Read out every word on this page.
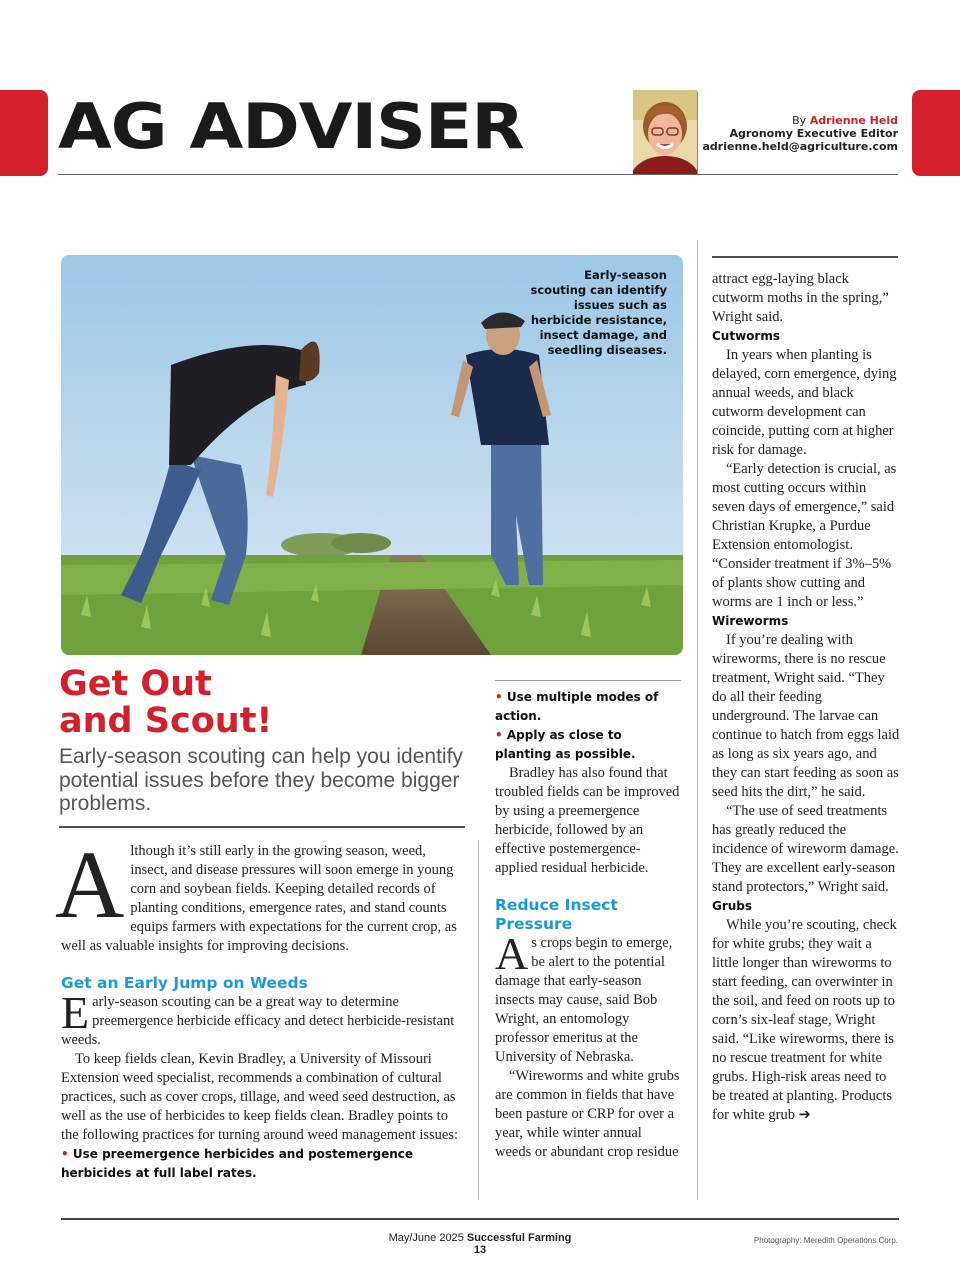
AG ADVISER	By Adrienne Held
Agronomy Executive Editor
adrienne.held@agriculture.com
Early-season scouting can identify issues such as herbicide resistance, insect damage, and seedling diseases.
Get Out
and Scout!
Early-season scouting can help you identify potential issues before they become bigger problems.

Although it’s still early in the growing season, weed, insect, and disease pressures will soon emerge in young corn and soybean fields. Keeping detailed records of planting conditions, emergence rates, and stand counts equips farmers with expectations for the current crop, as well as valuable insights for improving decisions.

Get an Early Jump on Weeds

Early-season scouting can be a great way to determine preemergence herbicide efficacy and detect herbicide-resistant weeds.

To keep fields clean, Kevin Bradley, a University of Missouri Extension weed specialist, recommends a combination of cultural practices, such as cover crops, tillage, and weed seed destruction, as well as the use of herbicides to keep fields clean. Bradley points to the following practices for turning around weed management issues:

• Use preemergence herbicides and postemergence herbicides at full label rates.
• Use multiple modes of action.
• Apply as close to planting as possible.

Bradley has also found that troubled fields can be improved by using a preemergence herbicide, followed by an effective postemergence-applied residual herbicide.

Reduce Insect Pressure

As crops begin to emerge, be alert to the potential damage that early-season insects may cause, said Bob Wright, an entomology professor emeritus at the University of Nebraska.

“Wireworms and white grubs are common in fields that have been pasture or CRP for over a year, while winter annual weeds or abundant crop residue

attract egg-laying black cutworm moths in the spring,” Wright said.

Cutworms

In years when planting is delayed, corn emergence, dying annual weeds, and black cutworm development can coincide, putting corn at higher risk for damage.

“Early detection is crucial, as most cutting occurs within seven days of emergence,” said Christian Krupke, a Purdue Extension entomologist. “Consider treatment if 3%–5% of plants show cutting and worms are 1 inch or less.”

Wireworms

If you’re dealing with wireworms, there is no rescue treatment, Wright said. “They do all their feeding underground. The larvae can continue to hatch from eggs laid as long as six years ago, and they can start feeding as soon as seed hits the dirt,” he said.

“The use of seed treatments has greatly reduced the incidence of wireworm damage. They are excellent early-season stand protectors,” Wright said.

Grubs

While you’re scouting, check for white grubs; they wait a little longer than wireworms to start feeding, can overwinter in the soil, and feed on roots up to corn’s six-leaf stage, Wright said. “Like wireworms, there is no rescue treatment for white grubs. High-risk areas need to be treated at planting. Products for white grub ➔

May/June 2025 Successful Farming
13
Photography: Meredith Operations Corp.
